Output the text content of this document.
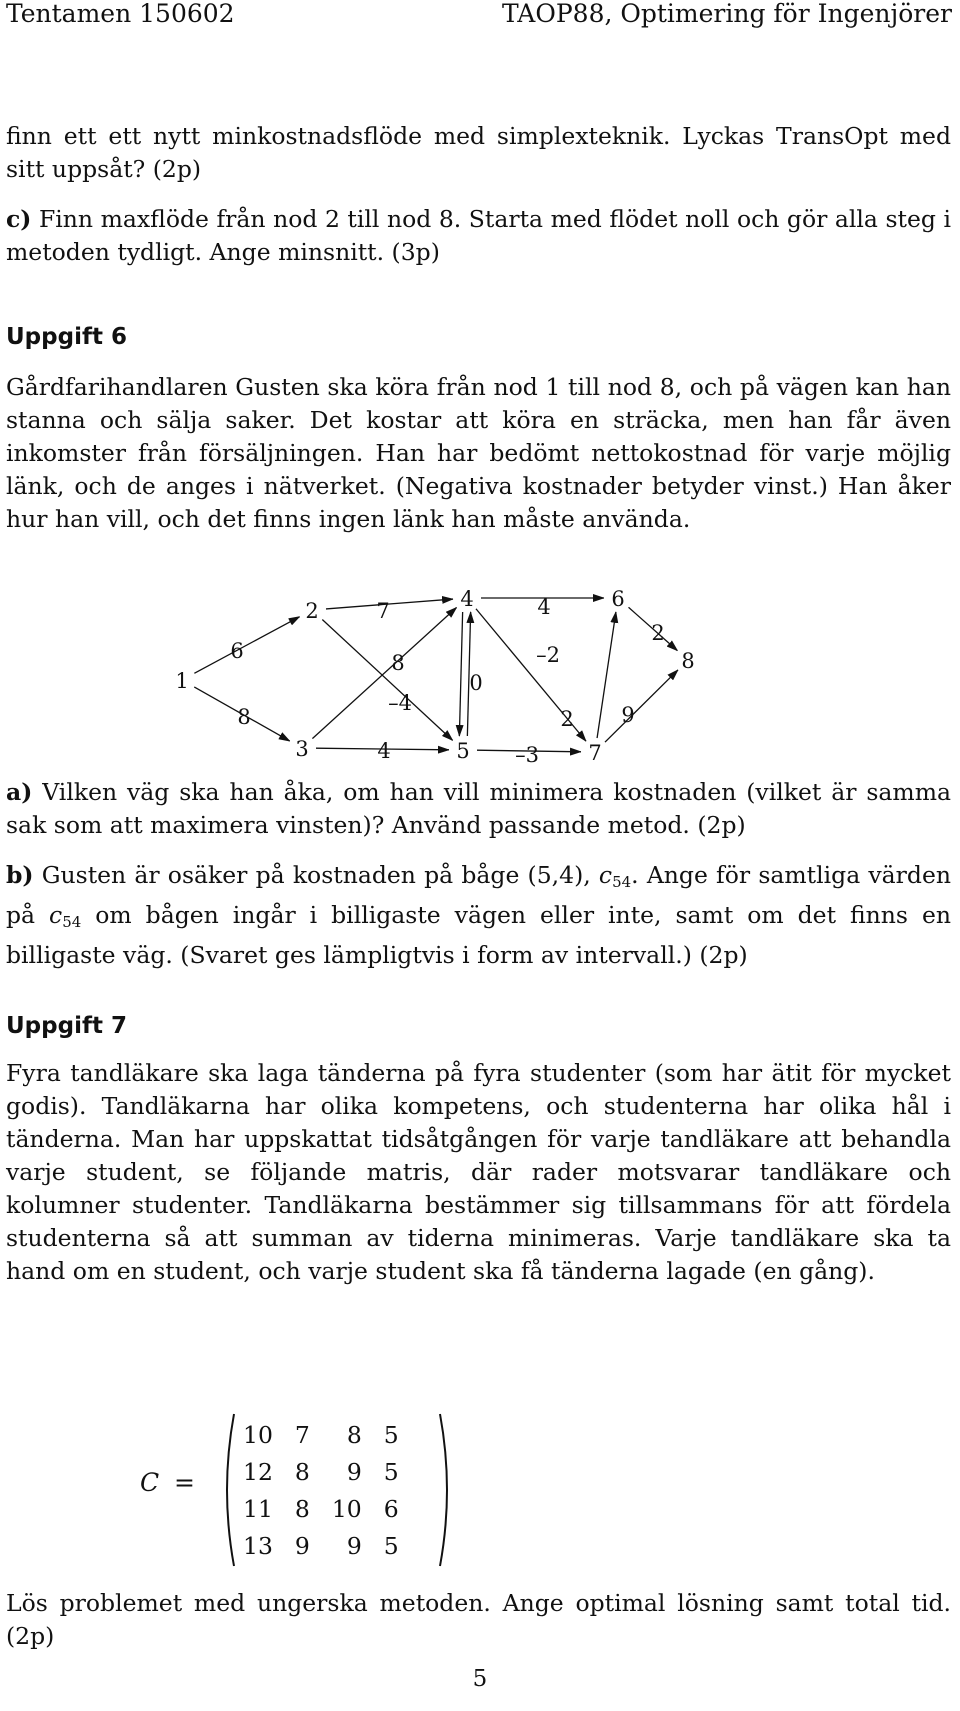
Tentamen 150602	TAOP88, Optimering för Ingenjörer
finn ett ett nytt minkostnadsflöde med simplexteknik. Lyckas TransOpt med sitt uppsåt? (2p)
c) Finn maxflöde från nod 2 till nod 8. Starta med flödet noll och gör alla steg i metoden tydligt. Ange minsnitt. (3p)
Uppgift 6
Gårdfarihandlaren Gusten ska köra från nod 1 till nod 8, och på vägen kan han stanna och sälja saker. Det kostar att köra en sträcka, men han får även inkomster från försäljningen. Han har bedömt nettokostnad för varje möjlig länk, och de anges i nätverket. (Negativa kostnader betyder vinst.) Han åker hur han vill, och det finns ingen länk han måste använda.
6
8
7
8
–4
4
0
4
2
–2
–3
2
9
1
2
3
4
5
6
7
8
a) Vilken väg ska han åka, om han vill minimera kostnaden (vilket är samma sak som att maximera vinsten)? Använd passande metod. (2p)
b) Gusten är osäker på kostnaden på båge (5,4), $c_{54}$. Ange för samtliga värden på $c_{54}$ om bågen ingår i billigaste vägen eller inte, samt om det finns en billigaste väg. (Svaret ges lämpligtvis i form av intervall.) (2p)
Uppgift 7
Fyra tandläkare ska laga tänderna på fyra studenter (som har ätit för mycket godis). Tandläkarna har olika kompetens, och studenterna har olika hål i tänderna. Man har uppskattat tidsåtgången för varje tandläkare att behandla varje student, se följande matris, där rader motsvarar tandläkare och kolumner studenter. Tandläkarna bestämmer sig tillsammans för att fördela studenterna så att summan av tiderna minimeras. Varje tandläkare ska ta hand om en student, och varje student ska få tänderna lagade (en gång).
C =
10	7	8	5
12	8	9	5
11	8	10	6
13	9	9	5
Lös problemet med ungerska metoden. Ange optimal lösning samt total tid. (2p)
5
